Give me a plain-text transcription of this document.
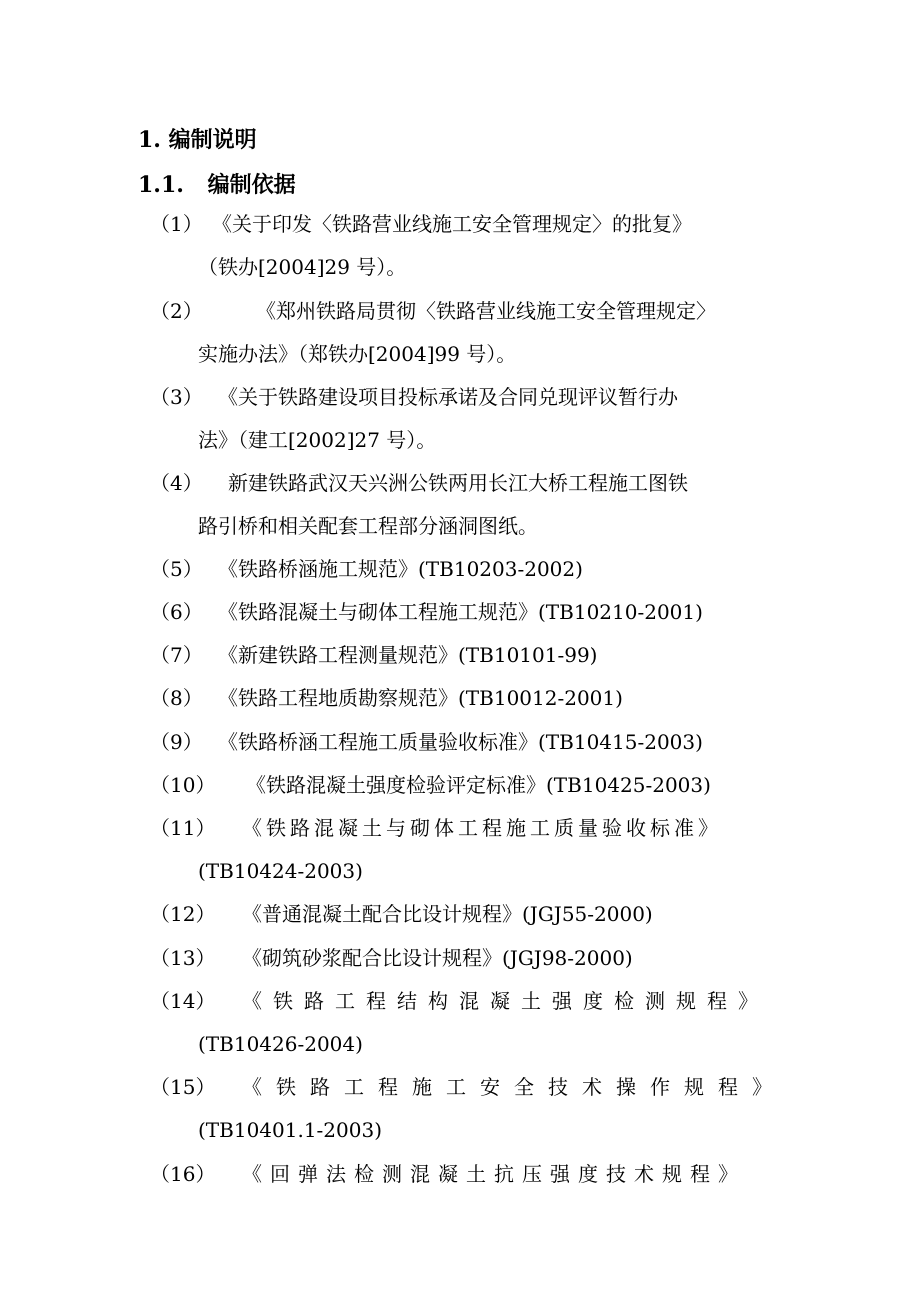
1. 编制说明
1.1. 编制依据
（1） 《关于印发〈铁路营业线施工安全管理规定〉的批复》
（铁办[2004]29 号）。
（2）	《郑州铁路局贯彻〈铁路营业线施工安全管理规定〉
实施办法》（郑铁办[2004]99 号）。
（3） 《关于铁路建设项目投标承诺及合同兑现评议暂行办
法》（建工[2002]27 号）。
（4） 新建铁路武汉天兴洲公铁两用长江大桥工程施工图铁
路引桥和相关配套工程部分涵洞图纸。
（5） 《铁路桥涵施工规范》(TB10203-2002)
（6） 《铁路混凝土与砌体工程施工规范》(TB10210-2001)
（7） 《新建铁路工程测量规范》(TB10101-99)
（8） 《铁路工程地质勘察规范》(TB10012-2001)
（9） 《铁路桥涵工程施工质量验收标准》(TB10415-2003)
（10） 《铁路混凝土强度检验评定标准》(TB10425-2003)
（11） 《铁路混凝土与砌体工程施工质量验收标准》
(TB10424-2003)
（12） 《普通混凝土配合比设计规程》(JGJ55-2000)
（13） 《砌筑砂浆配合比设计规程》(JGJ98-2000)
（14） 《铁路工程结构混凝土强度检测规程》
(TB10426-2004)
（15） 《铁路工程施工安全技术操作规程》
(TB10401.1-2003)
（16） 《回弹法检测混凝土抗压强度技术规程》
